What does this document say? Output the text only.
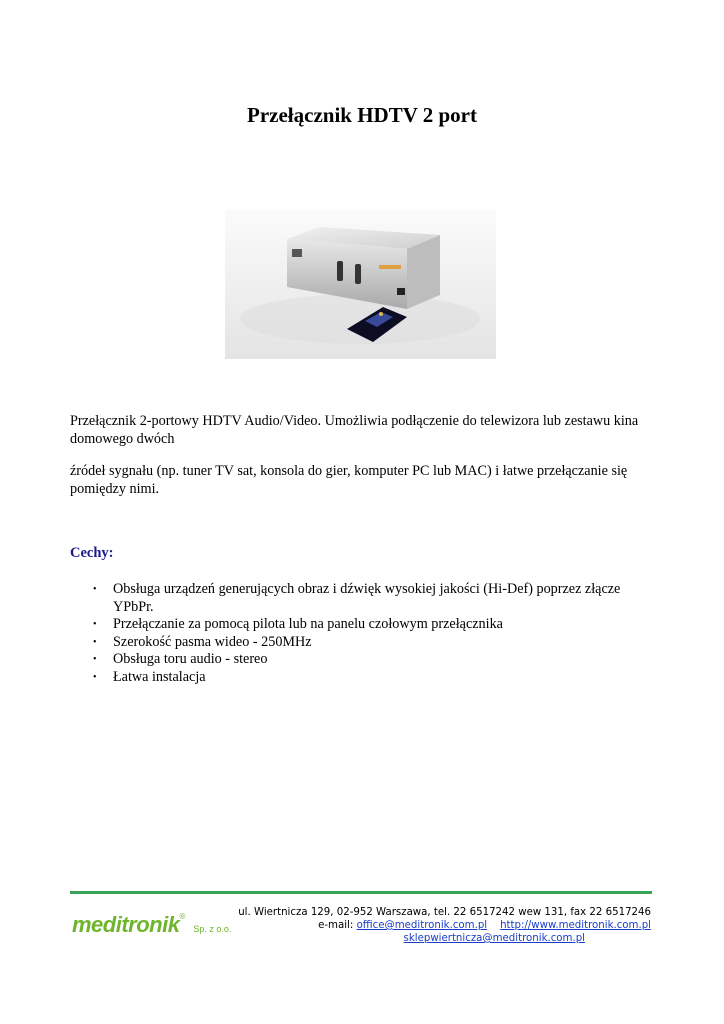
Przełącznik HDTV 2 port
Przełącznik 2-portowy HDTV Audio/Video. Umożliwia podłączenie do telewizora lub zestawu kina domowego dwóch
źródeł sygnału (np. tuner TV sat, konsola do gier, komputer PC lub MAC) i łatwe przełączanie się pomiędzy nimi.
Cechy:
• Obsługa urządzeń generujących obraz i dźwięk wysokiej jakości (Hi-Def) poprzez złącze YPbPr.
• Przełączanie za pomocą pilota lub na panelu czołowym przełącznika
• Szerokość pasma wideo - 250MHz
• Obsługa toru audio - stereo
• Łatwa instalacja
meditronik®Sp. z o.o.
ul. Wiertnicza 129, 02-952 Warszawa, tel. 22 6517242 wew 131, fax 22 6517246
e-mail: office@meditronik.com.pl http://www.meditronik.com.pl
sklepwiertnicza@meditronik.com.pl
